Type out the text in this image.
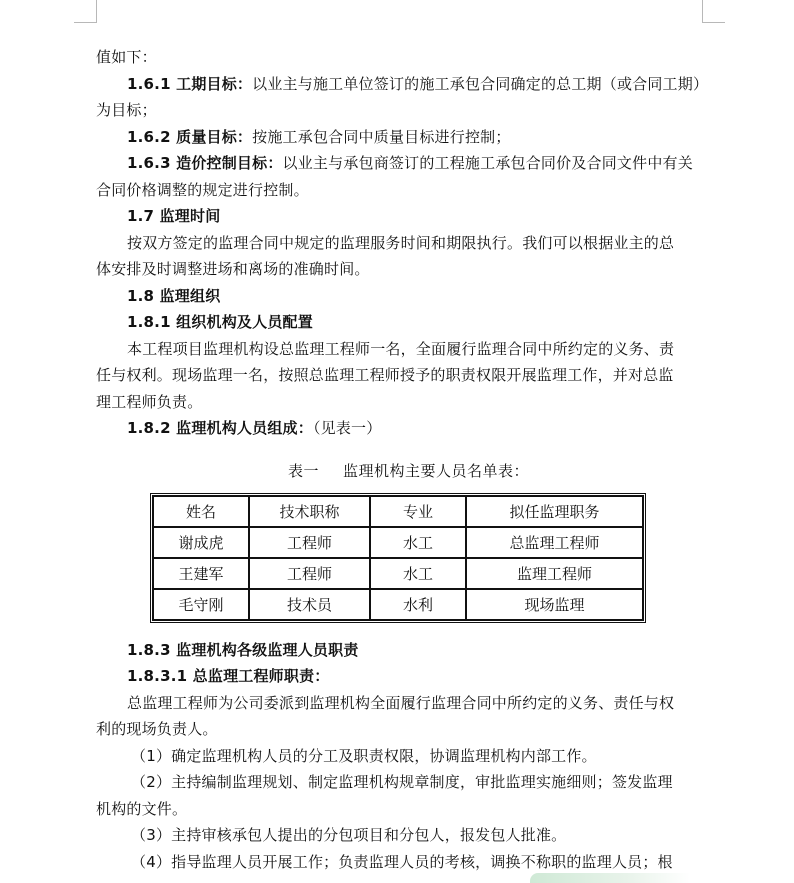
值如下：
1.6.1 工期目标：以业主与施工单位签订的施工承包合同确定的总工期（或合同工期）
为目标；
1.6.2 质量目标：按施工承包合同中质量目标进行控制；
1.6.3 造价控制目标：以业主与承包商签订的工程施工承包合同价及合同文件中有关
合同价格调整的规定进行控制。
1.7 监理时间
按双方签定的监理合同中规定的监理服务时间和期限执行。我们可以根据业主的总
体安排及时调整进场和离场的准确时间。
1.8 监理组织
1.8.1 组织机构及人员配置
本工程项目监理机构设总监理工程师一名，全面履行监理合同中所约定的义务、责
任与权利。现场监理一名，按照总监理工程师授予的职责权限开展监理工作，并对总监
理工程师负责。
1.8.2 监理机构人员组成：（见表一）
表一 监理机构主要人员名单表：
姓名	技术职称	专业	拟任监理职务
谢成虎	工程师	水工	总监理工程师
王建军	工程师	水工	监理工程师
毛守刚	技术员	水利	现场监理
1.8.3 监理机构各级监理人员职责
1.8.3.1 总监理工程师职责：
总监理工程师为公司委派到监理机构全面履行监理合同中所约定的义务、责任与权
利的现场负责人。
（1）确定监理机构人员的分工及职责权限，协调监理机构内部工作。
（2）主持编制监理规划、制定监理机构规章制度，审批监理实施细则；签发监理
机构的文件。
（3）主持审核承包人提出的分包项目和分包人，报发包人批准。
（4）指导监理人员开展工作；负责监理人员的考核，调换不称职的监理人员；根
